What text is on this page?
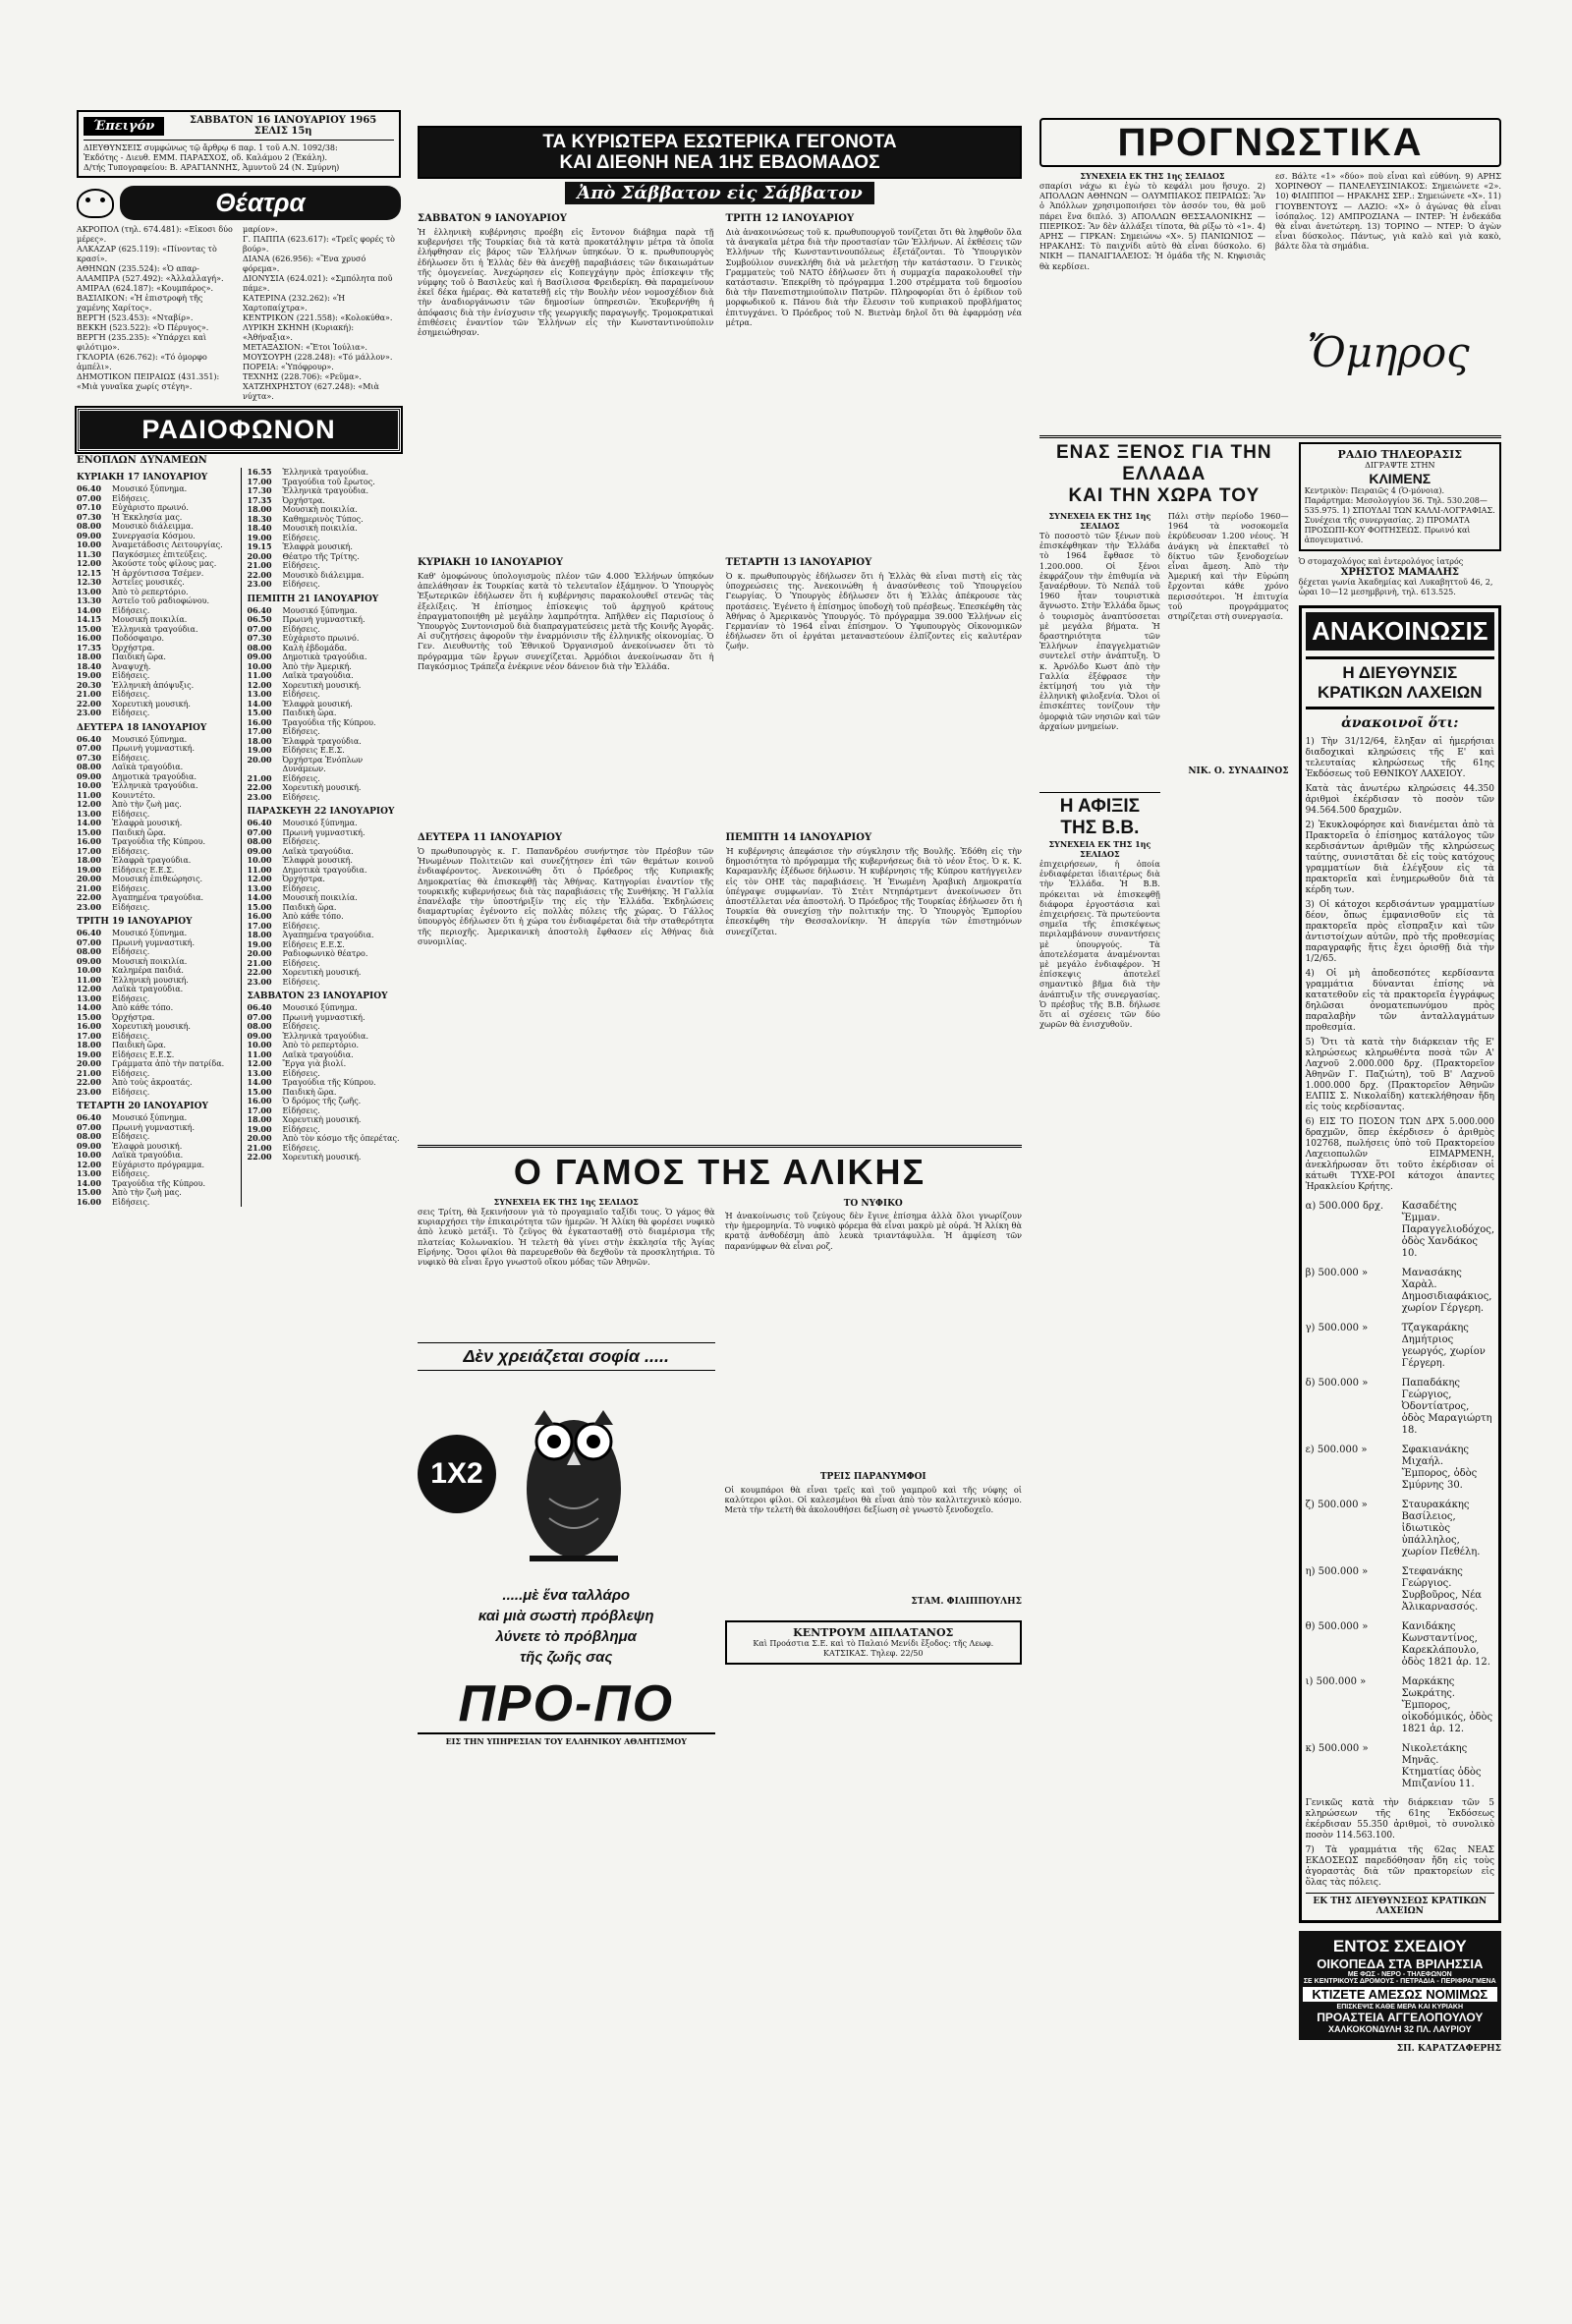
Έπειγόν	ΣΑΒΒΑΤΟΝ 16 ΙΑΝΟΥΑΡΙΟΥ 1965
ΣΕΛΙΣ 15η
ΔΙΕΥΘΥΝΣΕΙΣ συμφώνως τῷ ἄρθρῳ 6 παρ. 1 τοῦ Α.Ν. 1092/38:
Ἐκδότης - Διευθ. ΕΜΜ. ΠΑΡΑΣΧΟΣ, οδ. Καλάμου 2 (Ἑκάλη).
Δ/τής Τυπογραφείου: Β. ΑΡΑΓΙΑΝΝΗΣ, Ἁμυντοῦ 24 (Ν. Σμύρνη)
Θέατρα
ΑΚΡΟΠΟΛ (τηλ. 674.481): «Εἰκοσι δύο μέρες».
ΑΛΚΑΖΑΡ (625.119): «Πίνοντας τὸ κρασί».
ΑΘΗΝΩΝ (235.524): «Ὁ απαρ-
ΑΛΑΜΠΡΑ (527.492): «Ἀλλαλλαγή».
ΑΜΙΡΑΛ (624.187): «Κουμπάρος».
ΒΑΣΙΛΙΚΟΝ: «Ἡ ἐπιστροφὴ τῆς χαμένης Χαρίτος».
ΒΕΡΓΗ (523.453): «Νταβίρ».
ΒΕΚΚΗ (523.522): «Ὁ Πέρυγος».
ΒΕΡΓΗ (235.235): «Ὑπάρχει καὶ φιλότιμο».
ΓΚΛΟΡΙΑ (626.762): «Τό ὁμορφο ἀμπέλι».
ΔΗΜΟΤΙΚΟΝ ΠΕΙΡΑΙΩΣ (431.351): «Μιὰ γυναῖκα χωρίς στέγη».
μαρίον».
Γ. ΠΑΠΠΑ (623.617): «Τρεῖς φορές τὸ βούρ».
ΔΙΑΝΑ (626.956): «Ἕνα χρυσό φόρεμα».
ΔΙΟΝΥΣΙΑ (624.021): «Σμπόλητα ποῦ πάμε».
ΚΑΤΕΡΙΝΑ (232.262): «Ἡ Χαρτοπαίχτρα».
ΚΕΝΤΡΙΚΟΝ (221.558): «Κολοκύθα».
ΛΥΡΙΚΗ ΣΚΗΝΗ (Κυριακή): «Ἀθήναξια».
ΜΕΤΑΞΑΣΙΟΝ: «Ἔτοι Ἰούλια».
ΜΟΥΣΟΥΡΗ (228.248): «Τό μάλλον».
ΠΟΡΕΙΑ: «Ὑπόφρουρ».
ΤΕΧΝΗΣ (228.706): «Ρεῦμα».
ΧΑΤΖΗΧΡΗΣΤΟΥ (627.248): «Μιὰ νύχτα».
ΡΑΔΙΟΦΩΝΟΝ
ΕΝΟΠΛΩΝ ΔΥΝΑΜΕΩΝ
ΚΥΡΙΑΚΗ 17 ΙΑΝΟΥΑΡΙΟΥ
06.40	Μουσικό ξύπνημα.
07.00	Εἰδήσεις.
07.10	Εὐχάριστο πρωινό.
07.30	Ἡ Ἐκκλησία μας.
08.00	Μουσικὸ διάλειμμα.
09.00	Συνεργασία Κόσμου.
10.00	Ἀναμετάδοσις Λειτουργίας.
11.30	Παγκόσμιες ἐπιτεύξεις.
12.00	Ἀκούστε τοὺς φίλους μας.
12.15	Ἡ ἀρχόντισσα Τσέμεν.
12.30	Ἀστεῖες μουσικές.
13.00	Ἀπὸ τὸ ρεπερτόριο.
13.30	Ἀστεῖο τοῦ ραδιοφώνου.
14.00	Εἰδήσεις.
14.15	Μουσικὴ ποικιλία.
15.00	Ἑλληνικὰ τραγούδια.
16.00	Ποδόσφαιρο.
17.35	Ὀρχήστρα.
18.00	Παιδικὴ ὥρα.
18.40	Ἀναψυχὴ.
19.00	Εἰδήσεις.
20.30	Ἑλληνικὴ ἀπόψυξις.
21.00	Εἰδήσεις.
22.00	Χορευτικὴ μουσική.
23.00	Εἰδήσεις.
ΔΕΥΤΕΡΑ 18 ΙΑΝΟΥΑΡΙΟΥ
06.40	Μουσικό ξύπνημα.
07.00	Πρωινὴ γυμναστική.
07.30	Εἰδήσεις.
08.00	Λαϊκὰ τραγούδια.
09.00	Δημοτικὰ τραγούδια.
10.00	Ἑλληνικὰ τραγούδια.
11.00	Κουιντέτο.
12.00	Ἀπὸ τὴν ζωὴ μας.
13.00	Εἰδήσεις.
14.00	Ἑλαφρὰ μουσική.
15.00	Παιδικὴ ὥρα.
16.00	Τραγούδια τῆς Κύπρου.
17.00	Εἰδήσεις.
18.00	Ἑλαφρὰ τραγούδια.
19.00	Εἰδήσεις Ε.Ε.Σ.
20.00	Μουσικὴ ἐπιθεώρησις.
21.00	Εἰδήσεις.
22.00	Ἀγαπημένα τραγούδια.
23.00	Εἰδήσεις.
ΤΡΙΤΗ 19 ΙΑΝΟΥΑΡΙΟΥ
06.40	Μουσικό ξύπνημα.
07.00	Πρωινὴ γυμναστική.
08.00	Εἰδήσεις.
09.00	Μουσικὴ ποικιλία.
10.00	Καλημέρα παιδιά.
11.00	Ἑλληνικὴ μουσική.
12.00	Λαϊκὰ τραγούδια.
13.00	Εἰδήσεις.
14.00	Ἀπὸ κάθε τόπο.
15.00	Ὀρχήστρα.
16.00	Χορευτικὴ μουσική.
17.00	Εἰδήσεις.
18.00	Παιδικὴ ὥρα.
19.00	Εἰδήσεις Ε.Ε.Σ.
20.00	Γράμματα ἀπὸ τὴν πατρίδα.
21.00	Εἰδήσεις.
22.00	Ἀπὸ τοὺς ἀκροατάς.
23.00	Εἰδήσεις.
ΤΕΤΑΡΤΗ 20 ΙΑΝΟΥΑΡΙΟΥ
06.40	Μουσικό ξύπνημα.
07.00	Πρωινὴ γυμναστική.
08.00	Εἰδήσεις.
09.00	Ἑλαφρὰ μουσική.
10.00	Λαϊκὰ τραγούδια.
12.00	Εὐχάριστο πρόγραμμα.
13.00	Εἰδήσεις.
14.00	Τραγούδια τῆς Κύπρου.
15.00	Ἀπὸ τὴν ζωὴ μας.
16.00	Εἰδήσεις.
16.55	Ἑλληνικὰ τραγούδια.
17.00	Τραγούδια τοῦ ἔρωτος.
17.30	Ἑλληνικὰ τραγούδια.
17.35	Ὀρχήστρα.
18.00	Μουσικὴ ποικιλία.
18.30	Καθημερινὸς Τύπος.
18.40	Μουσικὴ ποικιλία.
19.00	Εἰδήσεις.
19.15	Ἐλαφρὰ μουσική.
20.00	Θέατρο τῆς Τρίτης.
21.00	Εἰδήσεις.
22.00	Μουσικὸ διάλειμμα.
23.00	Εἰδήσεις.
ΠΕΜΠΤΗ 21 ΙΑΝΟΥΑΡΙΟΥ
06.40	Μουσικό ξύπνημα.
06.50	Πρωινὴ γυμναστική.
07.00	Εἰδήσεις.
07.30	Εὐχάριστο πρωινό.
08.00	Καλὴ ἐβδομάδα.
09.00	Δημοτικὰ τραγούδια.
10.00	Ἀπὸ τὴν Ἀμερική.
11.00	Λαϊκὰ τραγούδια.
12.00	Χορευτικὴ μουσική.
13.00	Εἰδήσεις.
14.00	Ἑλαφρὰ μουσική.
15.00	Παιδικὴ ὥρα.
16.00	Τραγούδια τῆς Κύπρου.
17.00	Εἰδήσεις.
18.00	Ἑλαφρὰ τραγούδια.
19.00	Εἰδήσεις Ε.Ε.Σ.
20.00	Ὀρχήστρα Ἐνόπλων Δυνάμεων.
21.00	Εἰδήσεις.
22.00	Χορευτικὴ μουσική.
23.00	Εἰδήσεις.
ΠΑΡΑΣΚΕΥΗ 22 ΙΑΝΟΥΑΡΙΟΥ
06.40	Μουσικό ξύπνημα.
07.00	Πρωινὴ γυμναστική.
08.00	Εἰδήσεις.
09.00	Λαϊκὰ τραγούδια.
10.00	Ἐλαφρὰ μουσική.
11.00	Δημοτικὰ τραγούδια.
12.00	Ὀρχήστρα.
13.00	Εἰδήσεις.
14.00	Μουσικὴ ποικιλία.
15.00	Παιδικὴ ὥρα.
16.00	Ἀπὸ κάθε τόπο.
17.00	Εἰδήσεις.
18.00	Ἀγαπημένα τραγούδια.
19.00	Εἰδήσεις Ε.Ε.Σ.
20.00	Ραδιοφωνικὸ θέατρο.
21.00	Εἰδήσεις.
22.00	Χορευτικὴ μουσική.
23.00	Εἰδήσεις.
ΣΑΒΒΑΤΟΝ 23 ΙΑΝΟΥΑΡΙΟΥ
06.40	Μουσικό ξύπνημα.
07.00	Πρωινὴ γυμναστική.
08.00	Εἰδήσεις.
09.00	Ἑλληνικὰ τραγούδια.
10.00	Ἀπὸ τὸ ρεπερτόριο.
11.00	Λαϊκὰ τραγούδια.
12.00	Ἔργα γιὰ βιολί.
13.00	Εἰδήσεις.
14.00	Τραγούδια τῆς Κύπρου.
15.00	Παιδικὴ ὥρα.
16.00	Ὁ δρόμος τῆς ζωῆς.
17.00	Εἰδήσεις.
18.00	Χορευτικὴ μουσική.
19.00	Εἰδήσεις.
20.00	Ἀπὸ τὸν κόσμο τῆς ὀπερέτας.
21.00	Εἰδήσεις.
22.00	Χορευτικὴ μουσική.
ΤΑ ΚΥΡΙΩΤΕΡΑ ΕΣΩΤΕΡΙΚΑ ΓΕΓΟΝΟΤΑ
ΚΑΙ ΔΙΕΘΝΗ ΝΕΑ 1ΗΣ ΕΒΔΟΜΑΔΟΣ
Ἀπὸ Σάββατον εἰς Σάββατον
ΣΑΒΒΑΤΟΝ 9 ΙΑΝΟΥΑΡΙΟΥ
Ἡ ἑλληνικὴ κυβέρνησις προέβη εἰς ἔντονον διάβημα παρὰ τῇ κυβερνήσει τῆς Τουρκίας διὰ τὰ κατὰ προκατάληψιν μέτρα τὰ ὁποῖα ἐλήφθησαν εἰς βάρος τῶν Ἑλλήνων ὑπηκόων. Ὁ κ. πρωθυπουργὸς ἐδήλωσεν ὅτι ἡ Ἑλλὰς δὲν θὰ ἀνεχθῇ παραβιάσεις τῶν δικαιωμάτων τῆς ὁμογενείας. Ἀνεχώρησεν εἰς Κοπεγχάγην πρὸς ἐπίσκεψιν τῆς νύμφης τοῦ ὁ Βασιλεὺς καὶ ἡ Βασίλισσα Φρειδερίκη. Θὰ παραμείνουν ἐκεῖ δέκα ἡμέρας. Θὰ κατατεθῇ εἰς τὴν Βουλὴν νέον νομοσχέδιον διὰ τὴν ἀναδιοργάνωσιν τῶν δημοσίων ὑπηρεσιῶν. Ἐκυβερνήθη ἡ ἀπόφασις διὰ τὴν ἐνίσχυσιν τῆς γεωργικῆς παραγωγῆς. Τρομοκρατικαὶ ἐπιθέσεις ἐναντίον τῶν Ἑλλήνων εἰς τὴν Κωνσταντινούπολιν ἐσημειώθησαν.
ΚΥΡΙΑΚΗ 10 ΙΑΝΟΥΑΡΙΟΥ
Καθ' ὁμοφώνους ὑπολογισμοὺς πλέον τῶν 4.000 Ἑλλήνων ὑπηκόων ἀπελάθησαν ἐκ Τουρκίας κατὰ τὸ τελευταῖον ἑξάμηνον. Ὁ Ὑπουργὸς Ἐξωτερικῶν ἐδήλωσεν ὅτι ἡ κυβέρνησις παρακολουθεῖ στενῶς τὰς ἐξελίξεις. Ἡ ἐπίσημος ἐπίσκεψις τοῦ ἀρχηγοῦ κράτους ἐπραγματοποιήθη μὲ μεγάλην λαμπρότητα. Ἀπῆλθεν εἰς Παρισίους ὁ Ὑπουργὸς Συντονισμοῦ διὰ διαπραγματεύσεις μετὰ τῆς Κοινῆς Ἀγορᾶς. Αἱ συζητήσεις ἀφοροῦν τὴν ἐναρμόνισιν τῆς ἑλληνικῆς οἰκονομίας. Ὁ Γεν. Διευθυντὴς τοῦ Ἐθνικοῦ Ὀργανισμοῦ ἀνεκοίνωσεν ὅτι τὸ πρόγραμμα τῶν ἔργων συνεχίζεται. Ἀρμόδιοι ἀνεκοίνωσαν ὅτι ἡ Παγκόσμιος Τράπεζα ἐνέκρινε νέον δάνειον διὰ τὴν Ἑλλάδα.
ΔΕΥΤΕΡΑ 11 ΙΑΝΟΥΑΡΙΟΥ
Ὁ πρωθυπουργὸς κ. Γ. Παπανδρέου συνήντησε τὸν Πρέσβυν τῶν Ἡνωμένων Πολιτειῶν καὶ συνεζήτησεν ἐπὶ τῶν θεμάτων κοινοῦ ἐνδιαφέροντος. Ἀνεκοινώθη ὅτι ὁ Πρόεδρος τῆς Κυπριακῆς Δημοκρατίας θὰ ἐπισκεφθῇ τὰς Ἀθήνας. Κατηγορίαι ἐναντίον τῆς τουρκικῆς κυβερνήσεως διὰ τὰς παραβιάσεις τῆς Συνθήκης. Ἡ Γαλλία ἐπανέλαβε τὴν ὑποστήριξίν της εἰς τὴν Ἑλλάδα. Ἐκδηλώσεις διαμαρτυρίας ἐγένοντο εἰς πολλὰς πόλεις τῆς χώρας. Ὁ Γάλλος ὑπουργὸς ἐδήλωσεν ὅτι ἡ χώρα του ἐνδιαφέρεται διὰ τὴν σταθερότητα τῆς περιοχῆς. Ἀμερικανικὴ ἀποστολὴ ἔφθασεν εἰς Ἀθήνας διὰ συνομιλίας.
ΤΡΙΤΗ 12 ΙΑΝΟΥΑΡΙΟΥ
Διὰ ἀνακοινώσεως τοῦ κ. πρωθυπουργοῦ τονίζεται ὅτι θὰ ληφθοῦν ὅλα τὰ ἀναγκαῖα μέτρα διὰ τὴν προστασίαν τῶν Ἑλλήνων. Αἱ ἐκθέσεις τῶν Ἑλλήνων τῆς Κωνσταντινουπόλεως ἐξετάζονται. Τὸ Ὑπουργικὸν Συμβούλιον συνεκλήθη διὰ νὰ μελετήσῃ τὴν κατάστασιν. Ὁ Γενικὸς Γραμματεὺς τοῦ ΝΑΤΟ ἐδήλωσεν ὅτι ἡ συμμαχία παρακολουθεῖ τὴν κατάστασιν. Ἐπεκρίθη τὸ πρόγραμμα 1.200 στρέμματα τοῦ δημοσίου διὰ τὴν Πανεπιστημιούπολιν Πατρῶν. Πληροφορίαι ὅτι ὁ ἐρίδιον τοῦ μορφωδικοῦ κ. Πάνου διὰ τὴν ἔλευσιν τοῦ κυπριακοῦ προβλήματος ἐπιτυγχάνει. Ὁ Πρόεδρος τοῦ Ν. Βιετνὰμ δηλοῖ ὅτι θὰ ἐφαρμόσῃ νέα μέτρα.
ΤΕΤΑΡΤΗ 13 ΙΑΝΟΥΑΡΙΟΥ
Ὁ κ. πρωθυπουργὸς ἐδήλωσεν ὅτι ἡ Ἑλλὰς θὰ εἶναι πιστὴ εἰς τὰς ὑποχρεώσεις της. Ἀνεκοινώθη ἡ ἀνασύνθεσις τοῦ Ὑπουργείου Γεωργίας. Ὁ Ὑπουργὸς ἐδήλωσεν ὅτι ἡ Ἑλλὰς ἀπέκρουσε τὰς προτάσεις. Ἐγένετο ἡ ἐπίσημος ὑποδοχὴ τοῦ πρέσβεως. Ἐπεσκέφθη τὰς Ἀθήνας ὁ Ἀμερικανὸς Ὑπουργός. Τὸ πρόγραμμα 39.000 Ἑλλήνων εἰς Γερμανίαν τὸ 1964 εἶναι ἐπίσημον. Ὁ Ὑφυπουργὸς Οἰκονομικῶν ἐδήλωσεν ὅτι οἱ ἐργάται μεταναστεύουν ἐλπίζοντες εἰς καλυτέραν ζωήν.
ΠΕΜΠΤΗ 14 ΙΑΝΟΥΑΡΙΟΥ
Ἡ κυβέρνησις ἀπεφάσισε τὴν σύγκλησιν τῆς Βουλῆς. Ἐδόθη εἰς τὴν δημοσιότητα τὸ πρόγραμμα τῆς κυβερνήσεως διὰ τὸ νέον ἔτος. Ὁ κ. Κ. Καραμανλῆς ἐξέδωσε δήλωσιν. Ἡ κυβέρνησις τῆς Κύπρου κατήγγειλεν εἰς τὸν ΟΗΕ τὰς παραβιάσεις. Ἡ Ἑνωμένη Ἀραβικὴ Δημοκρατία ὑπέγραψε συμφωνίαν. Τὸ Στέιτ Ντηπάρτμεντ ἀνεκοίνωσεν ὅτι ἀποστέλλεται νέα ἀποστολή. Ὁ Πρόεδρος τῆς Τουρκίας ἐδήλωσεν ὅτι ἡ Τουρκία θὰ συνεχίσῃ τὴν πολιτικήν της. Ὁ Ὑπουργὸς Ἐμπορίου ἐπεσκέφθη τὴν Θεσσαλονίκην. Ἡ ἀπεργία τῶν ἐπιστημόνων συνεχίζεται.
Ο ΓΑΜΟΣ ΤΗΣ ΑΛΙΚΗΣ
ΣΥΝΕΧΕΙΑ ΕΚ ΤΗΣ 1ης ΣΕΛΙΔΟΣ
σεις Τρίτη, θὰ ξεκινήσουν γιὰ τὸ προγαμιαῖο ταξίδι τους. Ὁ γάμος θὰ κυριαρχήσει τὴν ἐπικαιρότητα τῶν ἡμερῶν. Ἡ Ἀλίκη θὰ φορέσει νυφικὸ ἀπὸ λευκὸ μετάξι. Τὸ ζεῦγος θὰ ἐγκατασταθῇ στὸ διαμέρισμα τῆς πλατείας Κολωνακίου. Ἡ τελετὴ θὰ γίνει στὴν ἐκκλησία τῆς Ἁγίας Εἰρήνης. Ὅσοι φίλοι θὰ παρευρεθοῦν θὰ δεχθοῦν τὰ προσκλητήρια. Τὸ νυφικὸ θὰ εἶναι ἔργο γνωστοῦ οἴκου μόδας τῶν Ἀθηνῶν.
Δὲν χρειάζεται σοφία .....
1X2
.....μὲ ἕνα ταλλάρο
καὶ μιὰ σωστὴ πρόβλεψη
λύνετε τὸ πρόβλημα
τῆς ζωῆς σας
ΠΡΟ-ΠΟ
ΕΙΣ ΤΗΝ ΥΠΗΡΕΣΙΑΝ ΤΟΥ ΕΛΛΗΝΙΚΟΥ ΑΘΛΗΤΙΣΜΟΥ
ΤΟ ΝΥΦΙΚΟ
Ἡ ἀνακοίνωσις τοῦ ζεύγους δὲν ἔγινε ἐπίσημα ἀλλὰ ὅλοι γνωρίζουν τὴν ἡμερομηνία. Τὸ νυφικὸ φόρεμα θὰ εἶναι μακρὺ μὲ οὐρά. Ἡ Ἀλίκη θὰ κρατᾷ ἀνθοδέσμη ἀπὸ λευκὰ τριαντάφυλλα. Ἡ ἀμφίεση τῶν παρανύμφων θὰ εἶναι ροζ.
ΤΡΕΙΣ ΠΑΡΑΝΥΜΦΟΙ
Οἱ κουμπάροι θὰ εἶναι τρεῖς καὶ τοῦ γαμπροῦ καὶ τῆς νύφης οἱ καλύτεροι φίλοι. Οἱ καλεσμένοι θὰ εἶναι ἀπὸ τὸν καλλιτεχνικὸ κόσμο. Μετὰ τὴν τελετὴ θὰ ἀκολουθήσει δεξίωση σὲ γνωστὸ ξενοδοχεῖο.
ΣΤΑΜ. ΦΙΛΙΠΠΟΥΛΗΣ
ΚΕΝΤΡΟΥΜ ΔΙΠΛΑΤΑΝΟΣ
Καὶ Προάστια Σ.Ε. καὶ τὸ Παλαιό Μενίδι ἔξοδος: τῆς Λεωφ. ΚΑΤΣΙΚΑΣ. Τηλεφ. 22/50
ΠΡΟΓΝΩΣΤΙΚΑ
ΣΥΝΕΧΕΙΑ ΕΚ ΤΗΣ 1ης ΣΕΛΙΔΟΣ
σπαρίσι νάχω κι ἐγὼ τὸ κεφάλι μου ἥσυχο. 2) ΑΠΟΛΛΩΝ ΑΘΗΝΩΝ — ΟΛΥΜΠΙΑΚΟΣ ΠΕΙΡΑΙΩΣ: Ἂν ὁ Ἀπόλλων χρησιμοποιήσει τὸν ἀσσόν του, θὰ μοῦ πάρει ἕνα διπλό. 3) ΑΠΟΛΛΩΝ ΘΕΣΣΑΛΟΝΙΚΗΣ — ΠΙΕΡΙΚΟΣ: Ἂν δὲν ἀλλάξει τίποτα, θὰ ρίξω τὸ «1». 4) ΑΡΗΣ — ΓΙΡΚΑΝ: Σημειώνω «Χ». 5) ΠΑΝΙΩΝΙΟΣ — ΗΡΑΚΛΗΣ: Τὸ παιχνίδι αὐτὸ θὰ εἶναι δύσκολο. 6) ΝΙΚΗ — ΠΑΝΑΙΓΙΑΛΕΙΟΣ: Ἡ ὁμάδα τῆς Ν. Κηφισιᾶς θὰ κερδίσει.
εσ. Βάλτε «1» «δύο» ποὺ εἶναι καὶ εὐθύνη. 9) ΑΡΗΣ ΧΟΡΙΝΘΟΥ — ΠΑΝΕΛΕΥΣΙΝΙΑΚΟΣ: Σημειώνετε «2». 10) ΦΙΛΙΠΠΟΙ — ΗΡΑΚΛΗΣ ΣΕΡ.: Σημειώνετε «Χ». 11) ΓΙΟΥΒΕΝΤΟΥΣ — ΛΑΖΙΟ: «Χ» ὁ ἀγώνας θὰ εἶναι ἰσόπαλος. 12) ΑΜΠΡΟΖΙΑΝΑ — ΙΝΤΕΡ: Ἡ ἐνδεκάδα θὰ εἶναι ἀνετώτερη. 13) ΤΟΡΙΝΟ — ΝΤΕΡ: Ὁ ἀγὼν εἶναι δύσκολος. Πάντως, γιὰ καλὸ καὶ γιὰ κακὸ, βάλτε ὅλα τὰ σημάδια.
Ὄμηρος
ΕΝΑΣ ΞΕΝΟΣ ΓΙΑ ΤΗΝ ΕΛΛΑΔΑ
ΚΑΙ ΤΗΝ ΧΩΡΑ ΤΟΥ
ΣΥΝΕΧΕΙΑ ΕΚ ΤΗΣ 1ης ΣΕΛΙΔΟΣ
Τὸ ποσοστὸ τῶν ξένων ποὺ ἐπισκέφθηκαν τὴν Ἑλλάδα τὸ 1964 ἔφθασε τὸ 1.200.000. Οἱ ξένοι ἐκφράζουν τὴν ἐπιθυμία νὰ ξαναέρθουν. Τὸ Νεπάλ τοῦ 1960 ἦταν τουριστικὰ ἄγνωστο. Στὴν Ἑλλάδα ὅμως ὁ τουρισμὸς ἀναπτύσσεται μὲ μεγάλα βήματα. Ἡ δραστηριότητα τῶν Ἑλλήνων ἐπαγγελματιῶν συντελεῖ στὴν ἀνάπτυξη. Ὁ κ. Ἀρνόλδο Κωστ ἀπὸ τὴν Γαλλία ἐξέφρασε τὴν ἐκτίμησή του γιὰ τὴν ἑλληνικὴ φιλοξενία. Ὅλοι οἱ ἐπισκέπτες τονίζουν τὴν ὀμορφιὰ τῶν νησιῶν καὶ τῶν ἀρχαίων μνημείων.
Η ΑΦΙΞΙΣ ΤΗΣ Β.Β.
ΣΥΝΕΧΕΙΑ ΕΚ ΤΗΣ 1ης ΣΕΛΙΔΟΣ
ἐπιχειρήσεων, ἡ ὁποία ἐνδιαφέρεται ἰδιαιτέρως διὰ τὴν Ἑλλάδα. Ἡ Β.Β. πρόκειται νὰ ἐπισκεφθῇ διάφορα ἐργοστάσια καὶ ἐπιχειρήσεις. Τὰ πρωτεύοντα σημεῖα τῆς ἐπισκέψεως περιλαμβάνουν συναντήσεις μὲ ὑπουργούς. Τὰ ἀποτελέσματα ἀναμένονται μὲ μεγάλο ἐνδιαφέρον. Ἡ ἐπίσκεψις ἀποτελεῖ σημαντικὸ βῆμα διὰ τὴν ἀνάπτυξιν τῆς συνεργασίας. Ὁ πρέσβυς τῆς Β.Β. δήλωσε ὅτι αἱ σχέσεις τῶν δύο χωρῶν θὰ ἐνισχυθοῦν.
Πάλι στὴν περίοδο 1960—1964 τὰ νοσοκομεῖα ἐκρύδευσαν 1.200 νέους. Ἡ ἀνάγκη νὰ ἐπεκταθεῖ τὸ δίκτυο τῶν ξενοδοχείων εἶναι ἄμεση. Ἀπὸ τὴν Ἀμερική καὶ τὴν Εὐρώπη ἔρχονται κάθε χρόνο περισσότεροι. Ἡ ἐπιτυχία τοῦ προγράμματος στηρίζεται στὴ συνεργασία.
ΝΙΚ. Ο. ΣΥΝΑΔΙΝΟΣ
ΡΑΔΙΟ ΤΗΛΕΟΡΑΣΙΣ
ΔΙΓΡΑΨΤΕ ΣΤΗΝ
ΚΛΙΜΕΝΣ
Κεντρικὸν: Πειραιῶς 4 (Ὁ-μόνοια). Παράρτημα: Μεσολογγίου 36. Τηλ. 530.208—535.975. 1) ΣΠΟΥΔΑΙ ΤΩΝ ΚΑΛΛΙ-ΛΟΓΡΑΦΙΑΣ. Συνέχεια τῆς συνεργασίας. 2) ΠΡΟΜΑΤΑ ΠΡΟΣΩΠΙ-ΚΟΥ ΦΟΙΤΗΣΕΩΣ. Πρωινό καὶ ἀπογευματινό.
Ὁ στομαχολόγος καὶ ἐντερολόγος ἰατρός
ΧΡΗΣΤΟΣ ΜΑΜΑΛΗΣ
δέχεται γωνία Ἀκαδημίας καὶ Λυκαβηττοῦ 46, 2, ὧραι 10—12 μεσημβρινὴ, τηλ. 613.525.
ΑΝΑΚΟΙΝΩΣΙΣ
Η ΔΙΕΥΘΥΝΣΙΣ ΚΡΑΤΙΚΩΝ ΛΑΧΕΙΩΝ
ἀνακοινοῖ ὅτι:

1) Τὴν 31/12/64, ἔληξαν αἱ ἡμερήσιαι διαδοχικαὶ κληρώσεις τῆς Ε' καὶ τελευταίας κληρώσεως τῆς 61ης Ἐκδόσεως τοῦ ΕΘΝΙΚΟΥ ΛΑΧΕΙΟΥ.

Κατὰ τὰς ἀνωτέρω κληρώσεις 44.350 ἀριθμοὶ ἐκέρδισαν τὸ ποσὸν τῶν 94.564.500 δραχμῶν.

2) Ἐκυκλοφόρησε καὶ διανέμεται ἀπὸ τὰ Πρακτορεῖα ὁ ἐπίσημος κατάλογος τῶν κερδισάντων ἀριθμῶν τῆς κληρώσεως ταύτης, συνιστᾶται δὲ εἰς τοὺς κατόχους γραμματίων διὰ ἐλέγξουν εἰς τὰ πρακτορεῖα καὶ ἐνημερωθοῦν διὰ τὰ κέρδη των.

3) Οἱ κάτοχοι κερδισάντων γραμματίων δέον, ὅπως ἐμφανισθοῦν εἰς τὰ πρακτορεῖα πρὸς εἴσπραξιν καὶ τῶν ἀντιστοίχων αὐτῶν, πρὸ τῆς προθεσμίας παραγραφῆς ἥτις ἔχει ὁρισθῇ διὰ τὴν 1/2/65.

4) Οἱ μὴ ἀποδεσπότες κερδίσαντα γραμμάτια δύνανται ἐπίσης νὰ κατατεθοῦν εἰς τὰ πρακτορεῖα ἐγγράφως δηλῶσαι ὀνοματεπωνύμου πρὸς παραλαβὴν τῶν ἀνταλλαγμάτων προθεσμία.

5) Ὅτι τὰ κατὰ τὴν διάρκειαν τῆς Ε' κληρώσεως κληρωθέντα ποσὰ τῶν Α' Λαχνοῦ 2.000.000 δρχ. (Πρακτορεῖον Ἀθηνῶν Γ. Παζιώτη), τοῦ Β' Λαχνοῦ 1.000.000 δρχ. (Πρακτορεῖον Ἀθηνῶν ΕΛΠΙΣ Σ. Νικολαΐδη) κατεκλήθησαν ἤδη εἰς τοὺς κερδίσαντας.

6) ΕΙΣ ΤΟ ΠΟΣΟΝ ΤΩΝ ΔΡΧ 5.000.000 δραχμῶν, ὅπερ ἐκέρδισεν ὁ ἀριθμὸς 102768, πωλήσεις ὑπὸ τοῦ Πρακτορείου Λαχειοπωλῶν ΕΙΜΑΡΜΕΝΗ, ἀνεκλήρωσαν ὅτι τοῦτο ἐκέρδισαν οἱ κάτωθι ΤΥΧΕ-ΡΟΙ κάτοχοι ἀπαντες Ἡρακλείου Κρήτης.

α) 500.000 δρχ.	Κασαδέτης Ἔμμαν. Παραγγελιοδόχος, ὁδὸς Χανδάκος 10.
β) 500.000 »	Μανασάκης Χαρὰλ. Δημοσιδιαφάκιος, χωρίον Γέργερη.
γ) 500.000 »	Τζαγκαράκης Δημήτριος γεωργός, χωρίον Γέργερη.
δ) 500.000 »	Παπαδάκης Γεώργιος, Ὀδοντίατρος, ὁδὸς Μαραγιώρτη 18.
ε) 500.000 »	Σφακιανάκης Μιχαήλ. Ἔμπορος, ὁδὸς Σμύρνης 30.
ζ) 500.000 »	Σταυρακάκης Βασίλειος, ἰδιωτικὸς ὑπάλληλος, χωρίον Πεθέλη.
η) 500.000 »	Στεφανάκης Γεώργιος. Συρβοῦρος, Νέα Ἀλικαρνασσός.
θ) 500.000 »	Κανιδάκης Κωνσταντίνος, Καρεκλάπουλο, ὁδὸς 1821 ἀρ. 12.
ι) 500.000 »	Μαρκάκης Σωκράτης. Ἔμπορος, οἰκοδόμικός, ὁδὸς 1821 ἀρ. 12.
κ) 500.000 »	Νικολετάκης Μηνᾶς. Κτηματίας ὁδὸς Μπιζανίου 11.

Γενικῶς κατὰ τὴν διάρκειαν τῶν 5 κληρώσεων τῆς 61ης Ἐκδόσεως ἐκέρδισαν 55.350 ἀριθμοὶ, τὸ συνολικὸ ποσὸν 114.563.100.

7) Τὰ γραμμάτια τῆς 62ας ΝΕΑΣ ΕΚΔΟΣΕΩΣ παρεδόθησαν ἤδη εἰς τοὺς ἀγοραστὰς διὰ τῶν πρακτορείων εἰς ὅλας τὰς πόλεις.

ΕΚ ΤΗΣ ΔΙΕΥΘΥΝΣΕΩΣ ΚΡΑΤΙΚΩΝ ΛΑΧΕΙΩΝ
ΕΝΤΟΣ ΣΧΕΔΙΟΥ
ΟΙΚΟΠΕΔΑ ΣΤΑ ΒΡΙΛΗΣΣΙΑ
ΜΕ ΦΩΣ - ΝΕΡΟ - ΤΗΛΕΦΩΝΟΝ
ΣΕ ΚΕΝΤΡΙΚΟΥΣ ΔΡΟΜΟΥΣ - ΠΕΤΡΑΔΙΑ - ΠΕΡΙΦΡΑΓΜΕΝΑ
ΚΤΙΖΕΤΕ ΑΜΕΣΩΣ ΝΟΜΙΜΩΣ
ΕΠΙΣΚΕΨΙΣ ΚΑΘΕ ΜΕΡΑ ΚΑΙ ΚΥΡΙΑΚΗ
ΠΡΟΑΣΤΕΙΑ ΑΓΓΕΛΟΠΟΥΛΟΥ
ΧΑΛΚΟΚΟΝΔΥΛΗ 32 ΠΛ. ΛΑΥΡΙΟΥ
ΣΠ. ΚΑΡΑΤΖΑΦΕΡΗΣ
